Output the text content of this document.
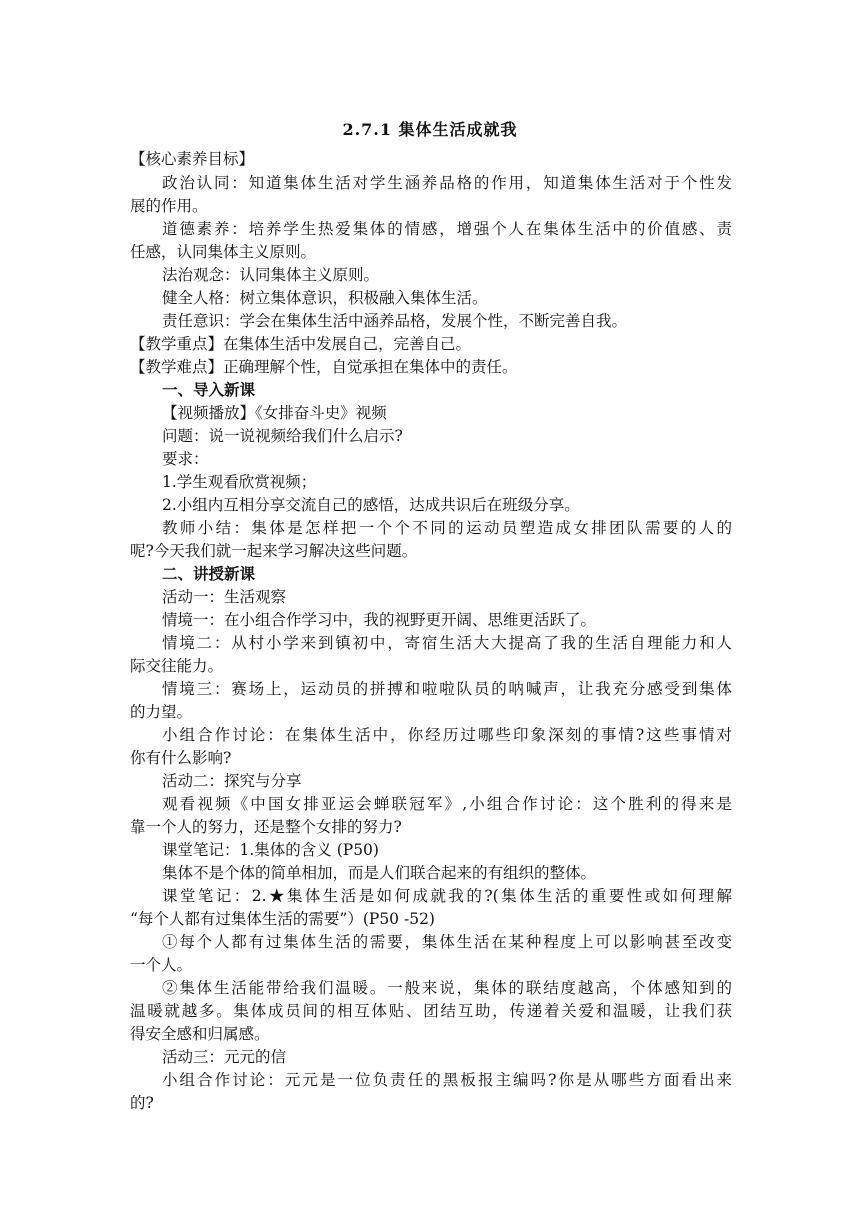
2.7.1 集体生活成就我
【核心素养目标】
政治认同：知道集体生活对学生涵养品格的作用，知道集体生活对于个性发
展的作用。
道德素养：培养学生热爱集体的情感，增强个人在集体生活中的价值感、责
任感，认同集体主义原则。
法治观念：认同集体主义原则。
健全人格：树立集体意识，积极融入集体生活。
责任意识：学会在集体生活中涵养品格，发展个性，不断完善自我。
【教学重点】在集体生活中发展自己，完善自己。
【教学难点】正确理解个性，自觉承担在集体中的责任。
一、导入新课
【视频播放】《女排奋斗史》视频
问题：说一说视频给我们什么启示?
要求：
1.学生观看欣赏视频；
2.小组内互相分享交流自己的感悟，达成共识后在班级分享。
教师小结：集体是怎样把一个个不同的运动员塑造成女排团队需要的人的
呢?今天我们就一起来学习解决这些问题。
二、讲授新课
活动一：生活观察
情境一：在小组合作学习中，我的视野更开阔、思维更活跃了。
情境二：从村小学来到镇初中，寄宿生活大大提高了我的生活自理能力和人
际交往能力。
情境三：赛场上，运动员的拼搏和啦啦队员的呐喊声，让我充分感受到集体
的力望。
小组合作讨论：在集体生活中，你经历过哪些印象深刻的事情?这些事情对
你有什么影响?
活动二：探究与分享
观看视频《中国女排亚运会蝉联冠军》,小组合作讨论：这个胜利的得来是
靠一个人的努力，还是整个女排的努力?
课堂笔记：1.集体的含义 (P50)
集体不是个体的简单相加，而是人们联合起来的有组织的整体。
课堂笔记：2.★集体生活是如何成就我的?(集体生活的重要性或如何理解
“每个人都有过集体生活的需要”）(P50 -52)
①每个人都有过集体生活的需要，集体生活在某种程度上可以影响甚至改变
一个人。
②集体生活能带给我们温暖。一般来说，集体的联结度越高，个体感知到的
温暖就越多。集体成员间的相互体贴、团结互助，传递着关爱和温暖，让我们获
得安全感和归属感。
活动三：元元的信
小组合作讨论：元元是一位负责任的黑板报主编吗?你是从哪些方面看出来
的?
